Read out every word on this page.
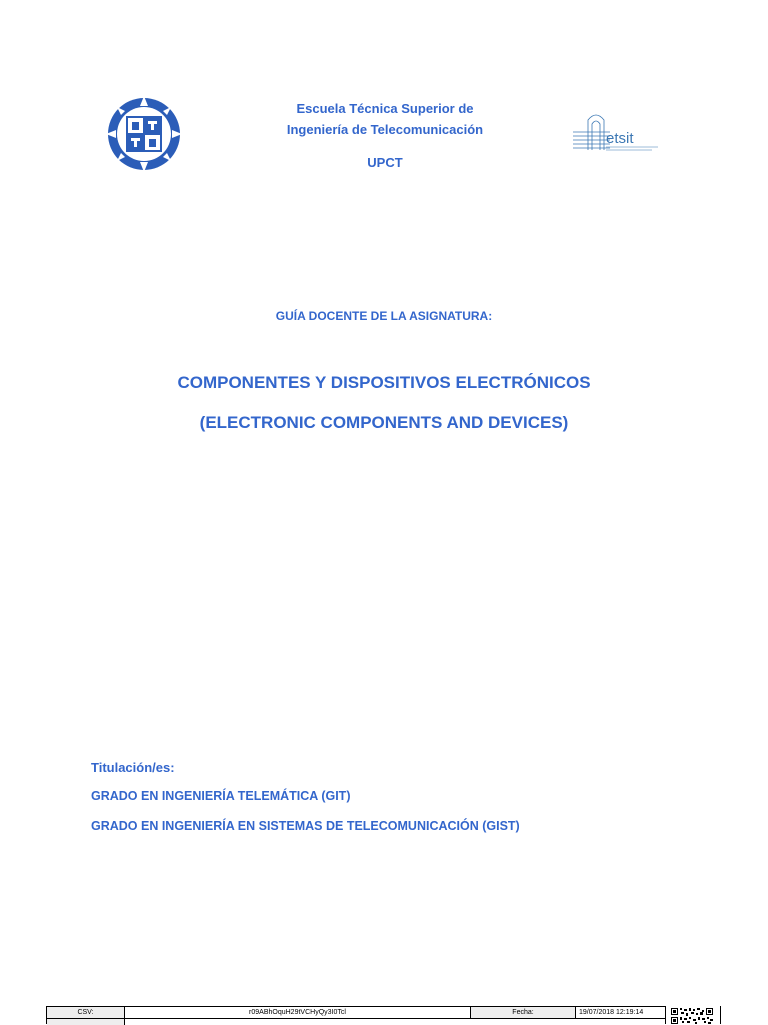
Escuela Técnica Superior de
Ingeniería de Telecomunicación
UPCT
etsit
GUÍA DOCENTE DE LA ASIGNATURA:
COMPONENTES Y DISPOSITIVOS ELECTRÓNICOS
(ELECTRONIC COMPONENTS AND DEVICES)
Titulación/es:
GRADO EN INGENIERÍA TELEMÁTICA (GIT)
GRADO EN INGENIERÍA EN SISTEMAS DE TELECOMUNICACIÓN (GIST)
CSV:	r09ABhOquH29tVCHyQy3I0Tcl	Fecha:	19/07/2018 12:19:14
